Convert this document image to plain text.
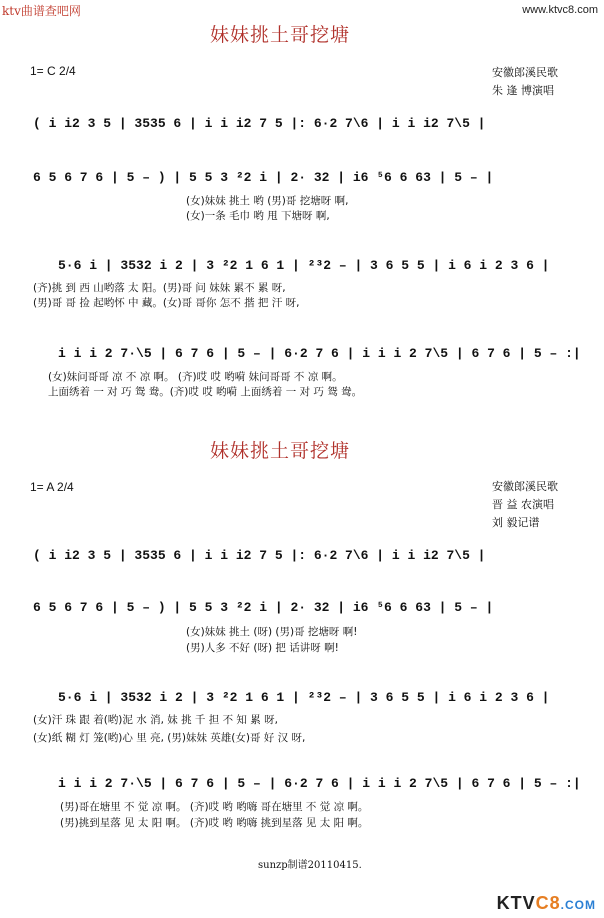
ktv曲谱查吧网	www.ktvc8.com
妹妹挑土哥挖塘
1= C 2/4	安徽郎溪民歌
朱 逢 博演唱
( i i2 3 5 | 3535 6 | i i i2 7 5 |: 6·2 7\6 | i i i2 7\5 |
6 5 6 7 6 | 5 – ) | 5 5 3 ²2 i | 2· 32 | i6 ⁵6 6 63 | 5 – |
(女)妹妹 挑土 哟 (男)哥 挖塘呀 啊,
(女)一条 毛巾 哟 甩 下塘呀 啊,
5·6 i | 3532 i 2 | 3 ²2 1 6 1 | ²³2 – | 3 6 5 5 | i 6 i 2 3 6 |
(齐)挑 到 西 山哟落 太 阳。(男)哥 问 妹妹 累不 累 呀,
(男)哥 哥 捡 起哟怀 中 藏。(女)哥 哥你 怎不 揩 把 汗 呀,
i i i 2 7·\5 | 6 7 6 | 5 – | 6·2 7 6 | i i i 2 7\5 | 6 7 6 | 5 – :|
(女)妹问哥哥 凉 不 凉 啊。 (齐)哎 哎 哟嗬 妹问哥哥 不 凉 啊。
上面绣着 一 对 巧 鸳 鸯。(齐)哎 哎 哟嗬 上面绣着 一 对 巧 鸳 鸯。
妹妹挑土哥挖塘
1= A 2/4	安徽郎溪民歌
晋 益 农演唱
刘 毅记谱
( i i2 3 5 | 3535 6 | i i i2 7 5 |: 6·2 7\6 | i i i2 7\5 |
6 5 6 7 6 | 5 – ) | 5 5 3 ²2 i | 2· 32 | i6 ⁵6 6 63 | 5 – |
(女)妹妹 挑土 (呀) (男)哥 挖塘呀 啊!
(男)人多 不好 (呀) 把 话讲呀 啊!
5·6 i | 3532 i 2 | 3 ²2 1 6 1 | ²³2 – | 3 6 5 5 | i 6 i 2 3 6 |
(女)汗 珠 跟 着(哟)泥 水 消, 妹 挑 千 担 不 知 累 呀,
(女)纸 糊 灯 笼(哟)心 里 亮, (男)妹妹 英雄(女)哥 好 汉 呀,
i i i 2 7·\5 | 6 7 6 | 5 – | 6·2 7 6 | i i i 2 7\5 | 6 7 6 | 5 – :|
(男)哥在塘里 不 觉 凉 啊。 (齐)哎 哟 哟嗨 哥在塘里 不 觉 凉 啊。
(男)挑到星落 见 太 阳 啊。 (齐)哎 哟 哟嗨 挑到星落 见 太 阳 啊。
sunzp制谱20110415.
KTVC8.COM
